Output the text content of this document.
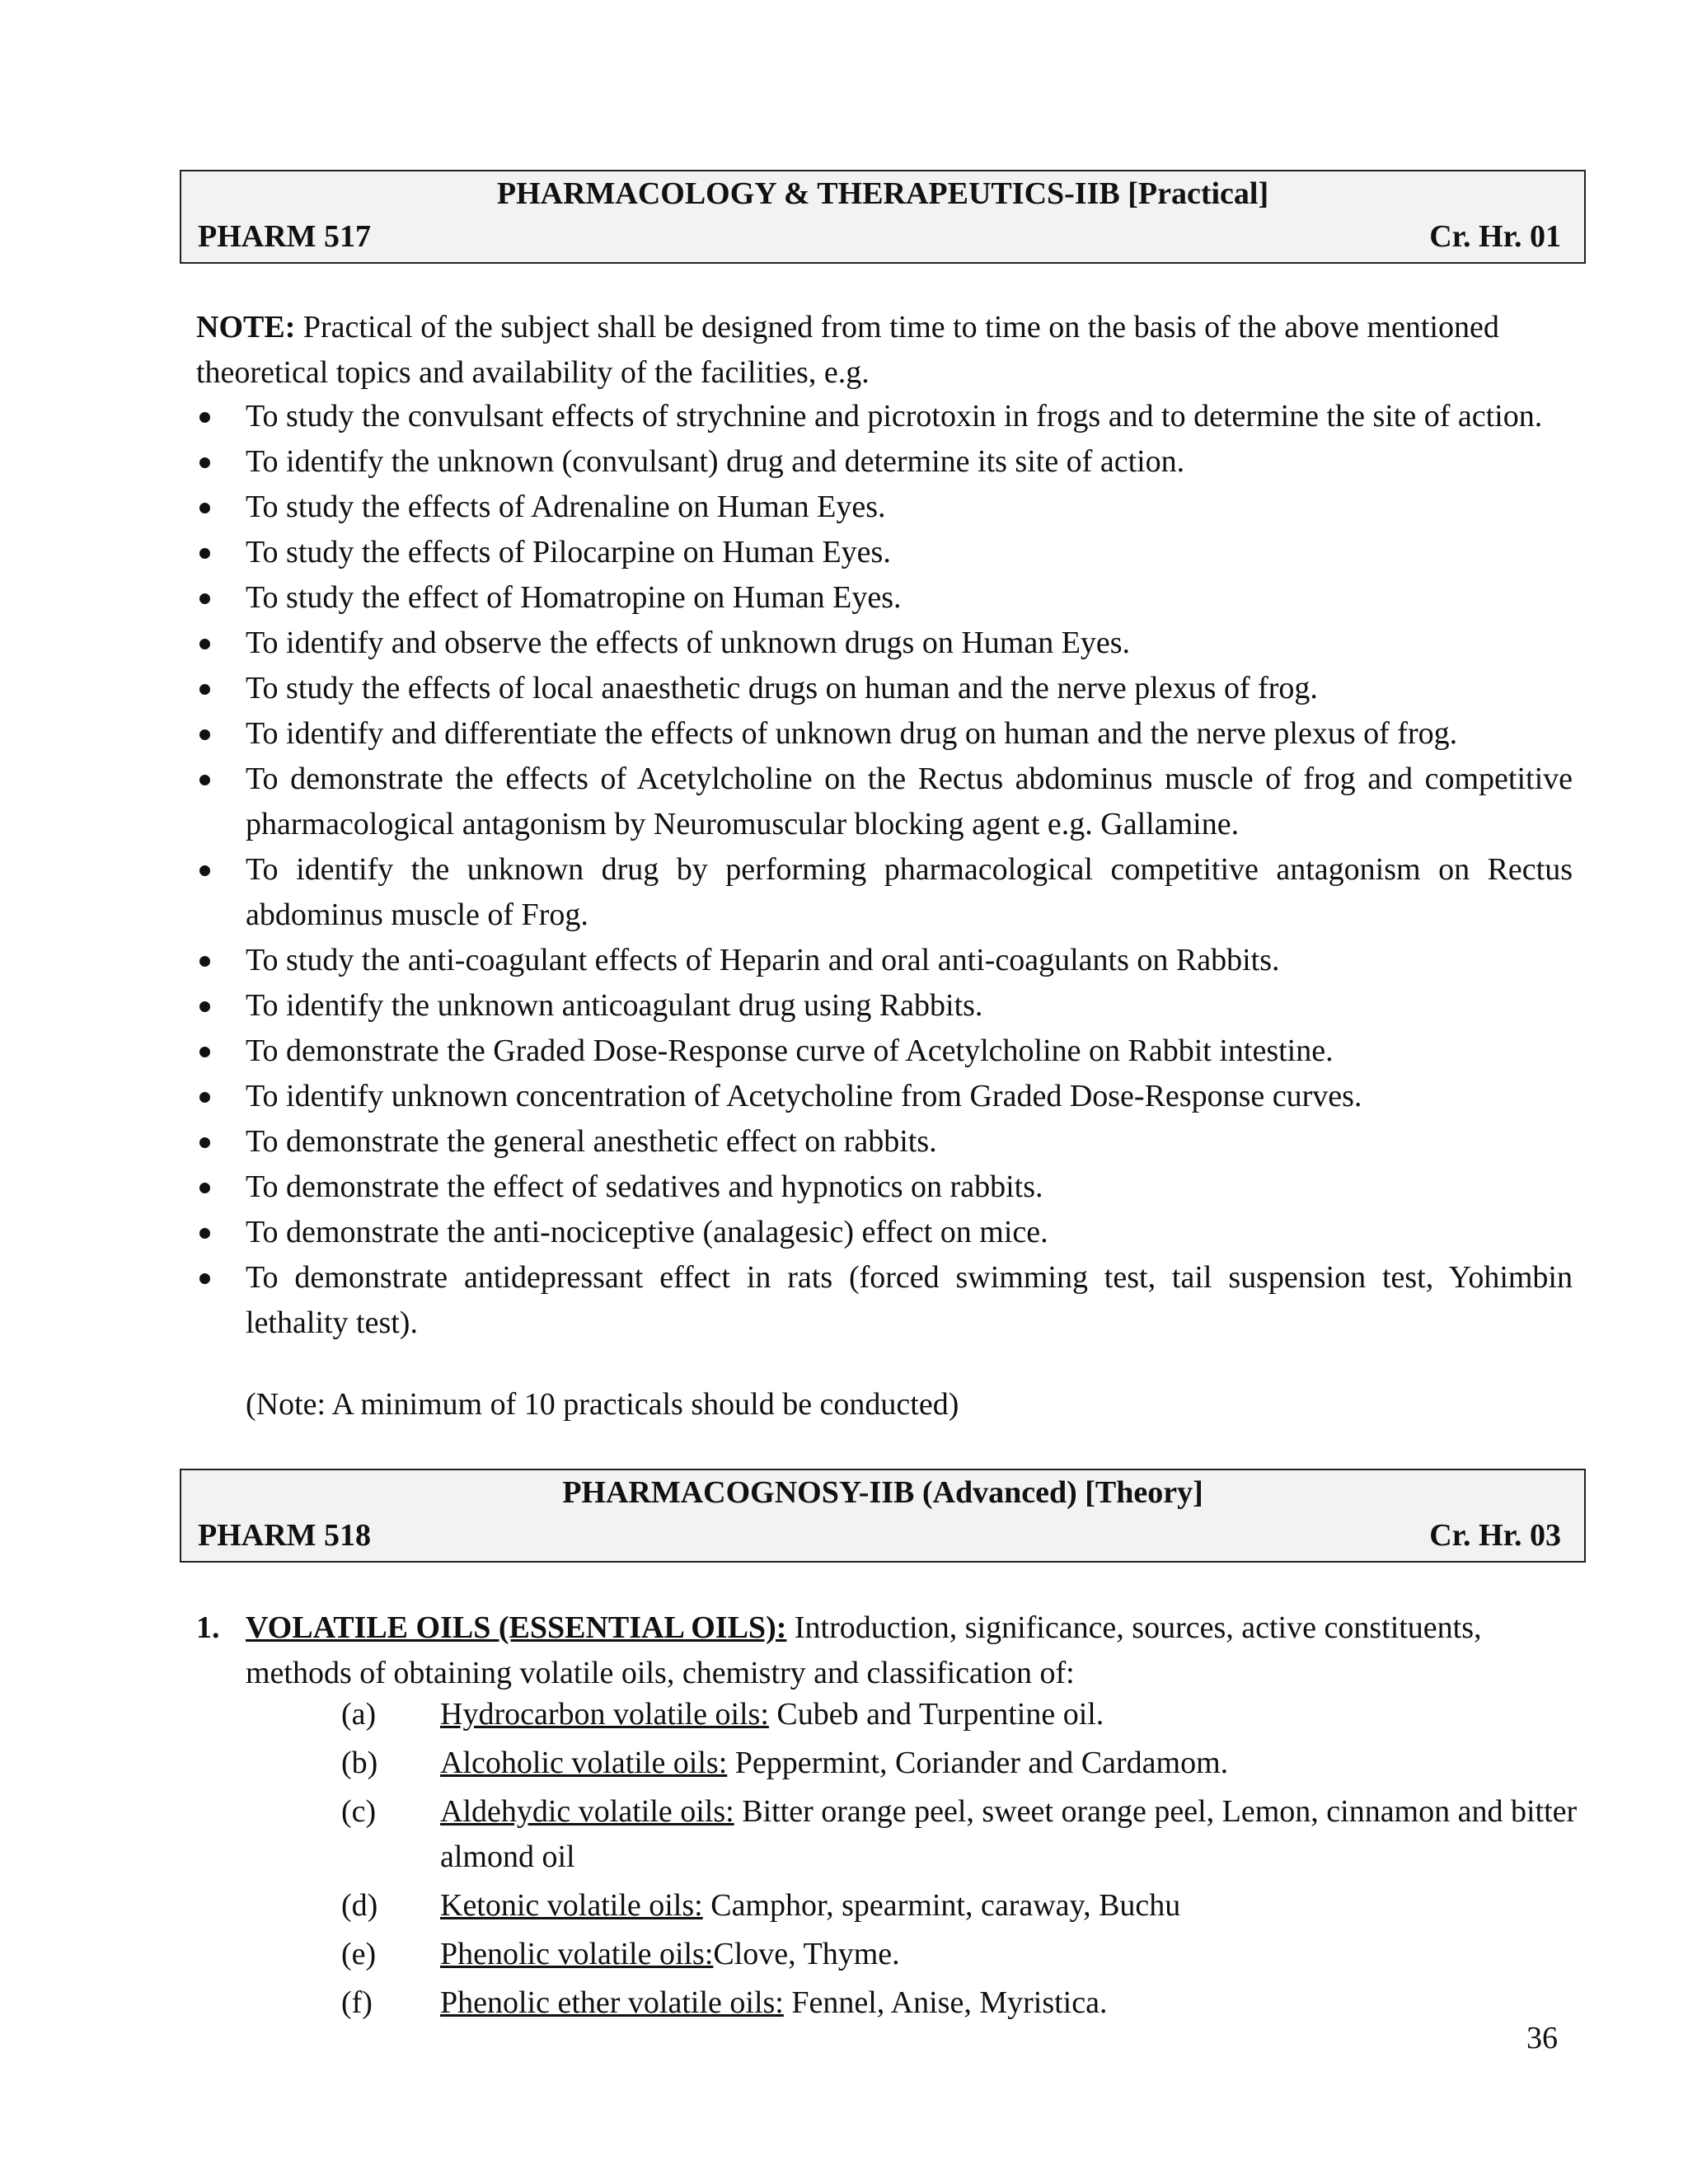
PHARMACOLOGY & THERAPEUTICS-IIB [Practical]
PHARM 517	Cr. Hr. 01

NOTE: Practical of the subject shall be designed from time to time on the basis of the above mentioned theoretical topics and availability of the facilities, e.g.

To study the convulsant effects of strychnine and picrotoxin in frogs and to determine the site of action.
To identify the unknown (convulsant) drug and determine its site of action.
To study the effects of Adrenaline on Human Eyes.
To study the effects of Pilocarpine on Human Eyes.
To study the effect of Homatropine on Human Eyes.
To identify and observe the effects of unknown drugs on Human Eyes.
To study the effects of local anaesthetic drugs on human and the nerve plexus of frog.
To identify and differentiate the effects of unknown drug on human and the nerve plexus of frog.
To demonstrate the effects of Acetylcholine on the Rectus abdominus muscle of frog and competitive pharmacological antagonism by Neuromuscular blocking agent e.g. Gallamine.
To identify the unknown drug by performing pharmacological competitive antagonism on Rectus abdominus muscle of Frog.
To study the anti-coagulant effects of Heparin and oral anti-coagulants on Rabbits.
To identify the unknown anticoagulant drug using Rabbits.
To demonstrate the Graded Dose-Response curve of Acetylcholine on Rabbit intestine.
To identify unknown concentration of Acetycholine from Graded Dose-Response curves.
To demonstrate the general anesthetic effect on rabbits.
To demonstrate the effect of sedatives and hypnotics on rabbits.
To demonstrate the anti-nociceptive (analagesic) effect on mice.
To demonstrate antidepressant effect in rats (forced swimming test, tail suspension test, Yohimbin lethality test).

(Note: A minimum of 10 practicals should be conducted)

PHARMACOGNOSY-IIB (Advanced) [Theory]
PHARM 518	Cr. Hr. 03

1. VOLATILE OILS (ESSENTIAL OILS): Introduction, significance, sources, active constituents,

methods of obtaining volatile oils, chemistry and classification of:

(a) Hydrocarbon volatile oils: Cubeb and Turpentine oil.
(b) Alcoholic volatile oils: Peppermint, Coriander and Cardamom.
(c) Aldehydic volatile oils: Bitter orange peel, sweet orange peel, Lemon, cinnamon and bitter almond oil
(d) Ketonic volatile oils: Camphor, spearmint, caraway, Buchu
(e) Phenolic volatile oils:Clove, Thyme.
(f) Phenolic ether volatile oils: Fennel, Anise, Myristica.

36
